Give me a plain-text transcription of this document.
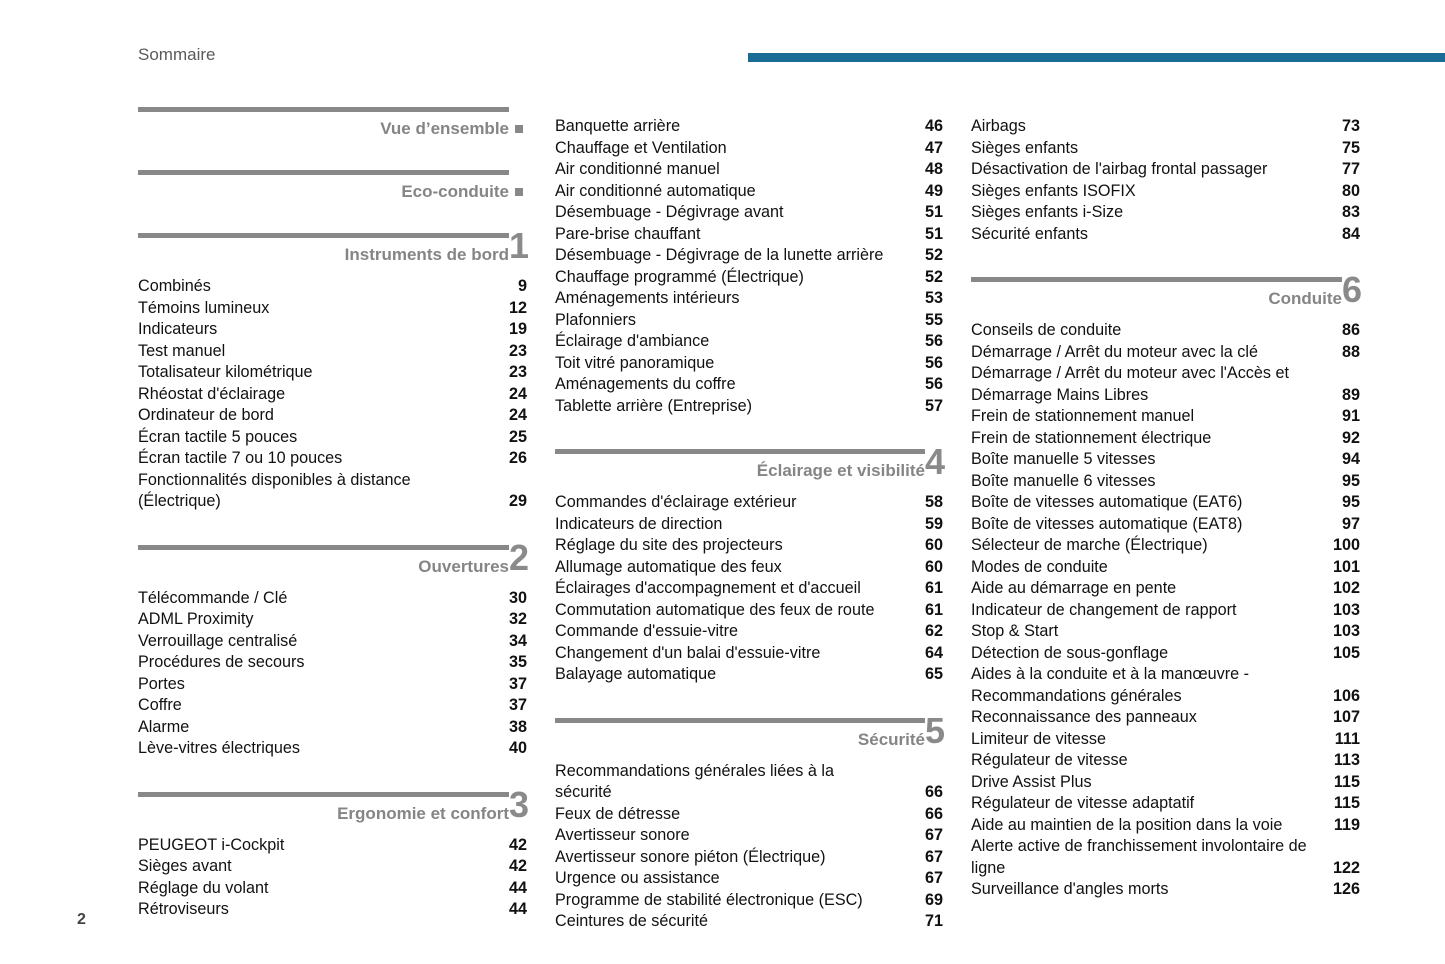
Sommaire
Vue d’ensemble
Eco-conduite
Instruments de bord 1
Combinés	9
Témoins lumineux	12
Indicateurs	19
Test manuel	23
Totalisateur kilométrique	23
Rhéostat d'éclairage	24
Ordinateur de bord	24
Écran tactile 5 pouces	25
Écran tactile 7 ou 10 pouces	26
Fonctionnalités disponibles à distance (Électrique)	29
Ouvertures 2
Télécommande / Clé	30
ADML Proximity	32
Verrouillage centralisé	34
Procédures de secours	35
Portes	37
Coffre	37
Alarme	38
Lève-vitres électriques	40
Ergonomie et confort 3
PEUGEOT i-Cockpit	42
Sièges avant	42
Réglage du volant	44
Rétroviseurs	44
Banquette arrière	46
Chauffage et Ventilation	47
Air conditionné manuel	48
Air conditionné automatique	49
Désembuage - Dégivrage avant	51
Pare-brise chauffant	51
Désembuage - Dégivrage de la lunette arrière	52
Chauffage programmé (Électrique)	52
Aménagements intérieurs	53
Plafonniers	55
Éclairage d'ambiance	56
Toit vitré panoramique	56
Aménagements du coffre	56
Tablette arrière (Entreprise)	57
Éclairage et visibilité 4
Commandes d'éclairage extérieur	58
Indicateurs de direction	59
Réglage du site des projecteurs	60
Allumage automatique des feux	60
Éclairages d'accompagnement et d'accueil	61
Commutation automatique des feux de route	61
Commande d'essuie-vitre	62
Changement d'un balai d'essuie-vitre	64
Balayage automatique	65
Sécurité 5
Recommandations générales liées à la sécurité	66
Feux de détresse	66
Avertisseur sonore	67
Avertisseur sonore piéton (Électrique)	67
Urgence ou assistance	67
Programme de stabilité électronique (ESC)	69
Ceintures de sécurité	71
Airbags	73
Sièges enfants	75
Désactivation de l'airbag frontal passager	77
Sièges enfants ISOFIX	80
Sièges enfants i-Size	83
Sécurité enfants	84
Conduite 6
Conseils de conduite	86
Démarrage / Arrêt du moteur avec la clé	88
Démarrage / Arrêt du moteur avec l'Accès et Démarrage Mains Libres	89
Frein de stationnement manuel	91
Frein de stationnement électrique	92
Boîte manuelle 5 vitesses	94
Boîte manuelle 6 vitesses	95
Boîte de vitesses automatique (EAT6)	95
Boîte de vitesses automatique (EAT8)	97
Sélecteur de marche (Électrique)	100
Modes de conduite	101
Aide au démarrage en pente	102
Indicateur de changement de rapport	103
Stop & Start	103
Détection de sous-gonflage	105
Aides à la conduite et à la manœuvre - Recommandations générales	106
Reconnaissance des panneaux	107
Limiteur de vitesse	111
Régulateur de vitesse	113
Drive Assist Plus	115
Régulateur de vitesse adaptatif	115
Aide au maintien de la position dans la voie	119
Alerte active de franchissement involontaire de ligne	122
Surveillance d'angles morts	126
2
